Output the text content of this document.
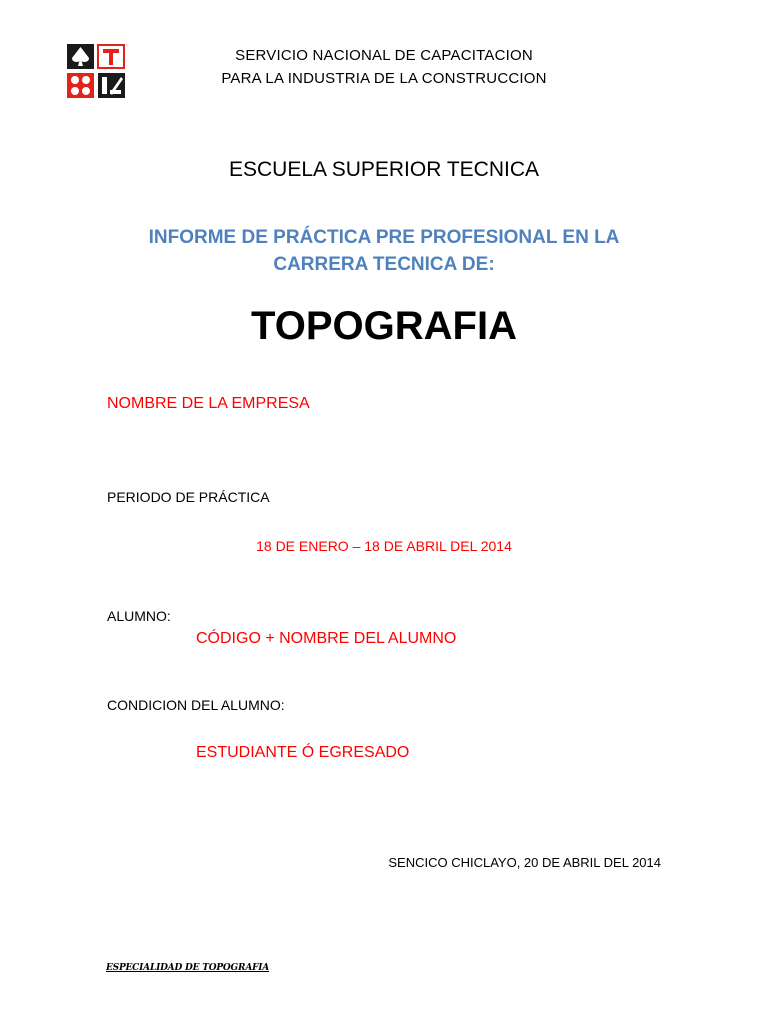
SERVICIO NACIONAL DE CAPACITACION
PARA LA INDUSTRIA DE LA CONSTRUCCION
ESCUELA SUPERIOR TECNICA
INFORME DE PRÁCTICA PRE PROFESIONAL EN LA
CARRERA TECNICA DE:
TOPOGRAFIA
NOMBRE DE LA EMPRESA
PERIODO DE PRÁCTICA
18 DE ENERO – 18 DE ABRIL DEL 2014
ALUMNO:
CÓDIGO + NOMBRE DEL ALUMNO
CONDICION DEL ALUMNO:
ESTUDIANTE Ó EGRESADO
SENCICO CHICLAYO, 20 DE ABRIL DEL 2014
ESPECIALIDAD DE TOPOGRAFIA
